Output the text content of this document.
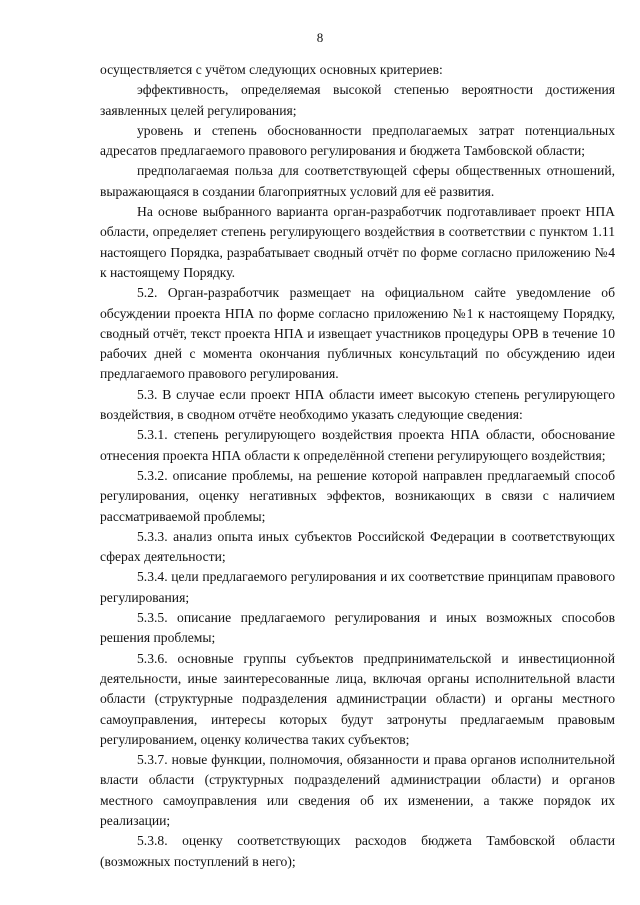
8

осуществляется с учётом следующих основных критериев:

эффективность, определяемая высокой степенью вероятности достижения заявленных целей регулирования;

уровень и степень обоснованности предполагаемых затрат потенциальных адресатов предлагаемого правового регулирования и бюджета Тамбовской области;

предполагаемая польза для соответствующей сферы общественных отношений, выражающаяся в создании благоприятных условий для её развития.

На основе выбранного варианта орган-разработчик подготавливает проект НПА области, определяет степень регулирующего воздействия в соответствии с пунктом 1.11 настоящего Порядка, разрабатывает сводный отчёт по форме согласно приложению №4 к настоящему Порядку.

5.2. Орган-разработчик размещает на официальном сайте уведомление об обсуждении проекта НПА по форме согласно приложению №1 к настоящему Порядку, сводный отчёт, текст проекта НПА и извещает участников процедуры ОРВ в течение 10 рабочих дней с момента окончания публичных консультаций по обсуждению идеи предлагаемого правового регулирования.

5.3. В случае если проект НПА области имеет высокую степень регулирующего воздействия, в сводном отчёте необходимо указать следующие сведения:

5.3.1. степень регулирующего воздействия проекта НПА области, обоснование отнесения проекта НПА области к определённой степени регулирующего воздействия;

5.3.2. описание проблемы, на решение которой направлен предлагаемый способ регулирования, оценку негативных эффектов, возникающих в связи с наличием рассматриваемой проблемы;

5.3.3. анализ опыта иных субъектов Российской Федерации в соответствующих сферах деятельности;

5.3.4. цели предлагаемого регулирования и их соответствие принципам правового регулирования;

5.3.5. описание предлагаемого регулирования и иных возможных способов решения проблемы;

5.3.6. основные группы субъектов предпринимательской и инвестиционной деятельности, иные заинтересованные лица, включая органы исполнительной власти области (структурные подразделения администрации области) и органы местного самоуправления, интересы которых будут затронуты предлагаемым правовым регулированием, оценку количества таких субъектов;

5.3.7. новые функции, полномочия, обязанности и права органов исполнительной власти области (структурных подразделений администрации области) и органов местного самоуправления или сведения об их изменении, а также порядок их реализации;

5.3.8. оценку соответствующих расходов бюджета Тамбовской области (возможных поступлений в него);
